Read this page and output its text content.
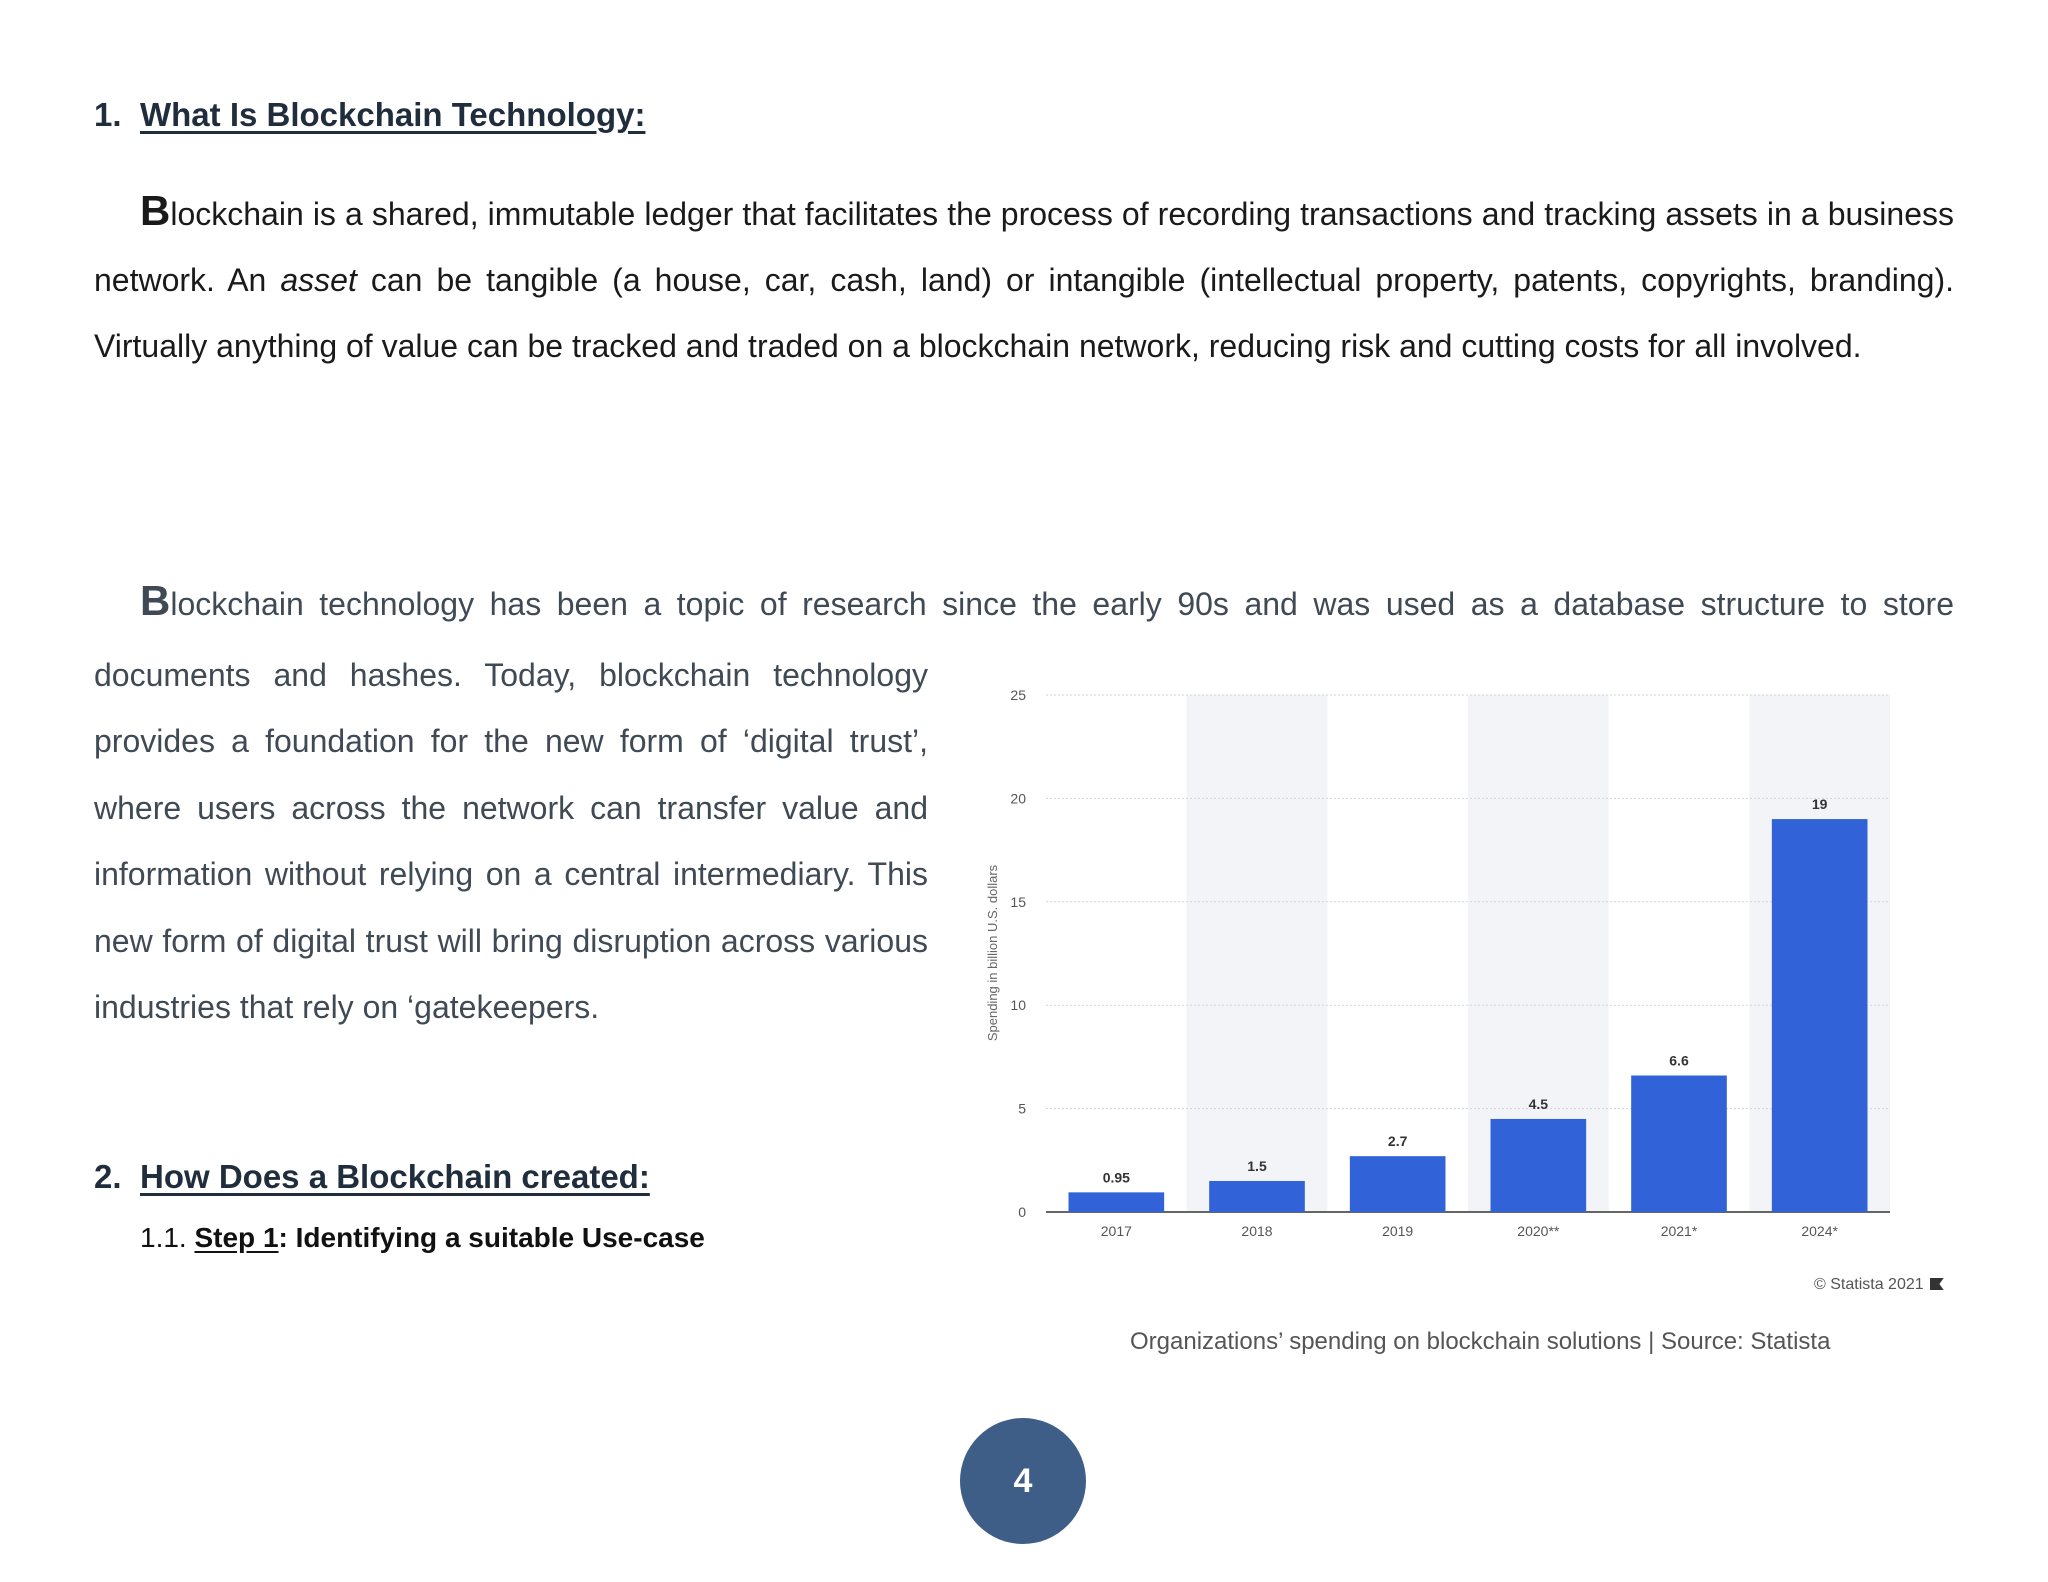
1. What Is Blockchain Technology:
Blockchain is a shared, immutable ledger that facilitates the process of recording transactions and tracking assets in a business network. An asset can be tangible (a house, car, cash, land) or intangible (intellectual property, patents, copyrights, branding). Virtually anything of value can be tracked and traded on a blockchain network, reducing risk and cutting costs for all involved.
Blockchain technology has been a topic of research since the early 90s and was used as a database structure to store
documents and hashes. Today, blockchain technology provides a foundation for the new form of ‘digital trust’, where users across the network can transfer value and information without relying on a central intermediary. This new form of digital trust will bring disruption across various industries that rely on ‘gatekeepers.
0
5
10
15
20
25
Spending in billion U.S. dollars
0.95
2017
1.5
2018
2.7
2019
4.5
2020**
6.6
2021*
19
2024*
© Statista 2021
Organizations’ spending on blockchain solutions | Source: Statista
2. How Does a Blockchain created:
1.1. Step 1: Identifying a suitable Use-case
4
